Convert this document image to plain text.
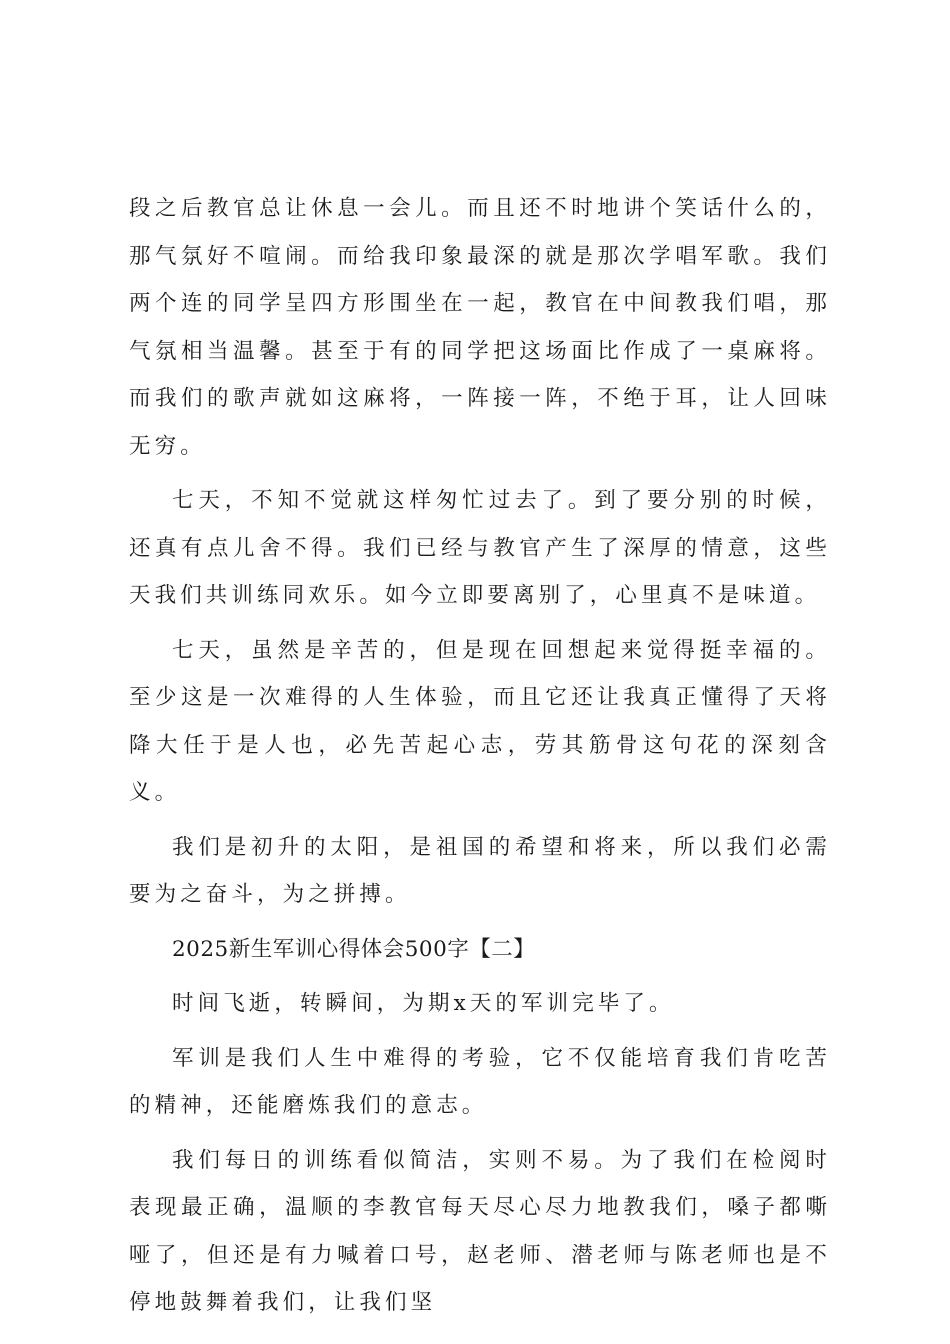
段之后教官总让休息一会儿。而且还不时地讲个笑话什么的，那气氛好不喧闹。而给我印象最深的就是那次学唱军歌。我们两个连的同学呈四方形围坐在一起，教官在中间教我们唱，那气氛相当温馨。甚至于有的同学把这场面比作成了一桌麻将。而我们的歌声就如这麻将，一阵接一阵，不绝于耳，让人回味无穷。

七天，不知不觉就这样匆忙过去了。到了要分别的时候，还真有点儿舍不得。我们已经与教官产生了深厚的情意，这些天我们共训练同欢乐。如今立即要离别了，心里真不是味道。

七天，虽然是辛苦的，但是现在回想起来觉得挺幸福的。至少这是一次难得的人生体验，而且它还让我真正懂得了天将降大任于是人也，必先苦起心志，劳其筋骨这句花的深刻含义。

我们是初升的太阳，是祖国的希望和将来，所以我们必需要为之奋斗，为之拼搏。

2025新生军训心得体会500字【二】

时间飞逝，转瞬间，为期x天的军训完毕了。

军训是我们人生中难得的考验，它不仅能培育我们肯吃苦的精神，还能磨炼我们的意志。

我们每日的训练看似简洁，实则不易。为了我们在检阅时表现最正确，温顺的李教官每天尽心尽力地教我们，嗓子都嘶哑了，但还是有力喊着口号，赵老师、潜老师与陈老师也是不停地鼓舞着我们，让我们坚
